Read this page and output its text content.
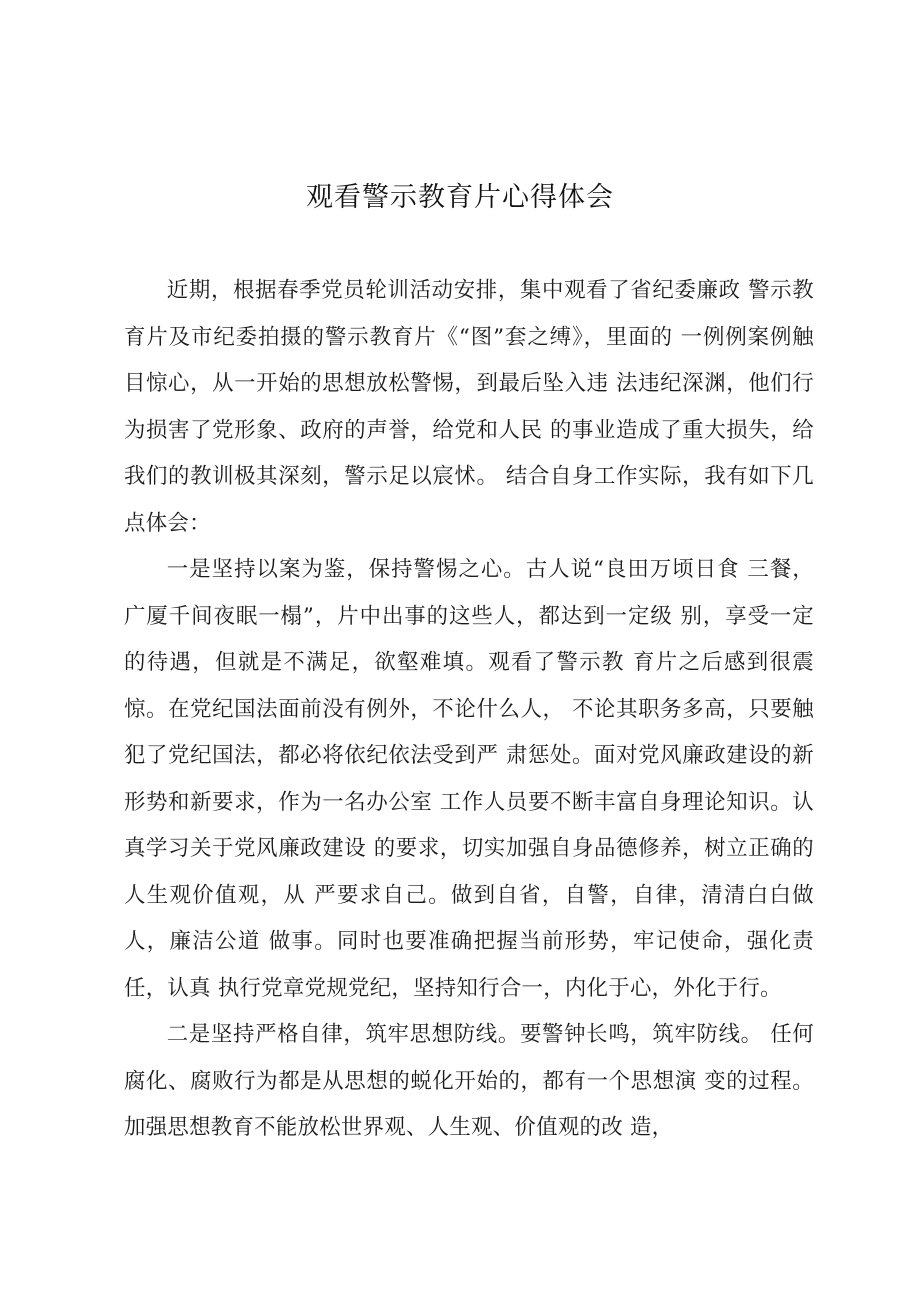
观看警示教育片心得体会

近期，根据春季党员轮训活动安排，集中观看了省纪委廉政 警示教育片及市纪委拍摄的警示教育片《“图”套之缚》，里面的 一例例案例触目惊心，从一开始的思想放松警惕，到最后坠入违 法违纪深渊，他们行为损害了党形象、政府的声誉，给党和人民 的事业造成了重大损失，给我们的教训极其深刻，警示足以宸怵。 结合自身工作实际，我有如下几点体会：

一是坚持以案为鉴，保持警惕之心。古人说“良田万顷日食 三餐，广厦千间夜眠一榻”，片中出事的这些人，都达到一定级 别，享受一定的待遇，但就是不满足，欲壑难填。观看了警示教 育片之后感到很震惊。在党纪国法面前没有例外，不论什么人， 不论其职务多高，只要触犯了党纪国法，都必将依纪依法受到严 肃惩处。面对党风廉政建设的新形势和新要求，作为一名办公室 工作人员要不断丰富自身理论知识。认真学习关于党风廉政建设 的要求，切实加强自身品德修养，树立正确的人生观价值观，从 严要求自己。做到自省，自警，自律，清清白白做人，廉洁公道 做事。同时也要准确把握当前形势，牢记使命，强化责任，认真 执行党章党规党纪，坚持知行合一，内化于心，外化于行。

二是坚持严格自律，筑牢思想防线。要警钟长鸣，筑牢防线。 任何腐化、腐败行为都是从思想的蜕化开始的，都有一个思想演 变的过程。加强思想教育不能放松世界观、人生观、价值观的改 造，
